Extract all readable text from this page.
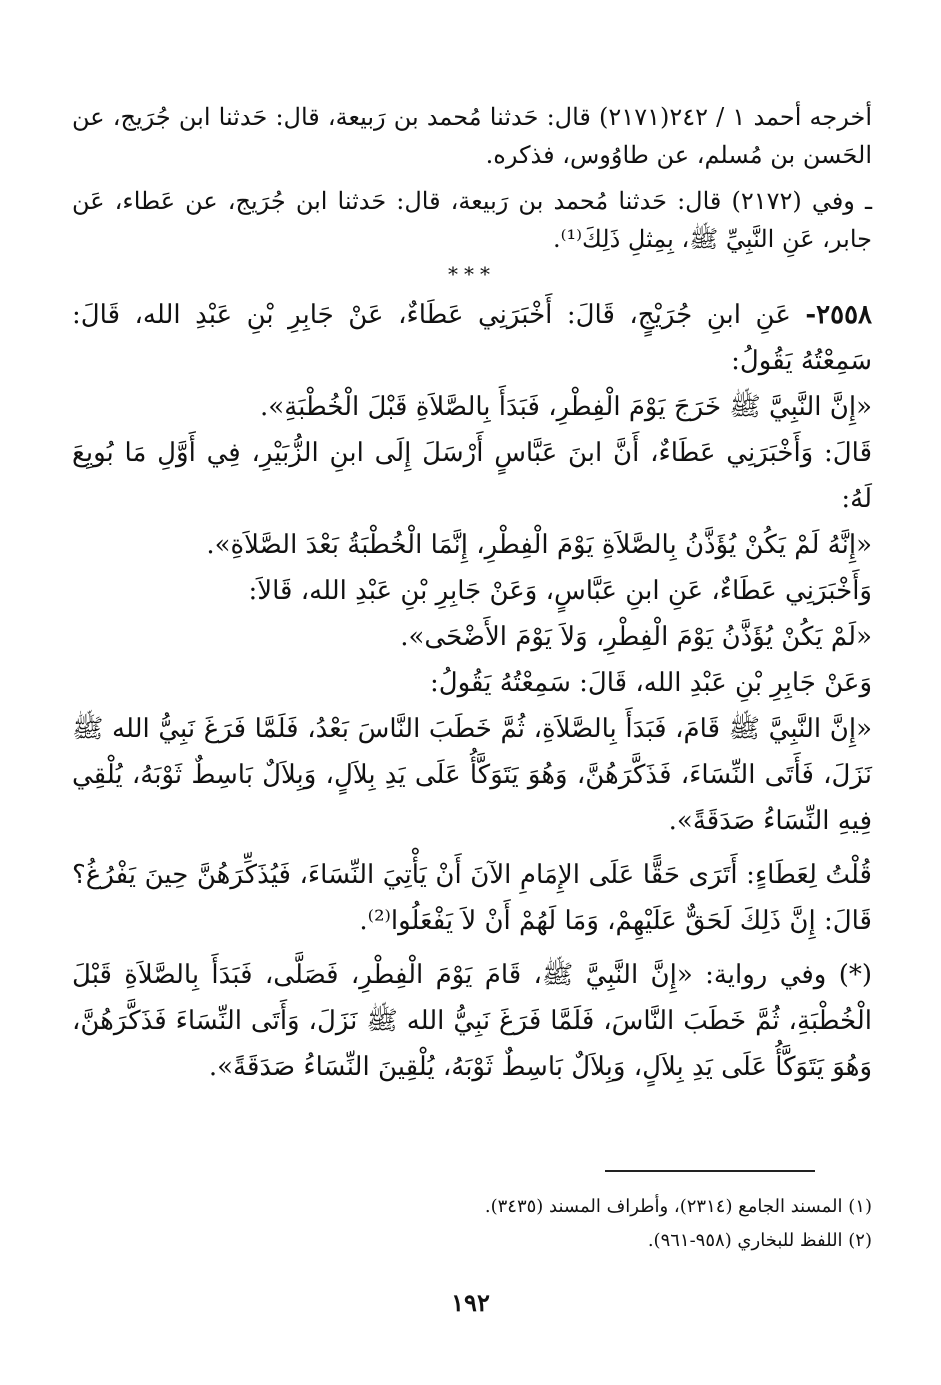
أخرجه أحمد ١ / ٢٤٢(٢١٧١) قال: حَدثنا مُحمد بن رَبيعة، قال: حَدثنا ابن جُرَيج، عن الحَسن بن مُسلم، عن طاوُوس، فذكره.

ـ وفي (٢١٧٢) قال: حَدثنا مُحمد بن رَبيعة، قال: حَدثنا ابن جُرَيج، عن عَطاء، عَن جابر، عَنِ النَّبِيِّ ﷺ، بِمِثلِ ذَلِكَ⁽¹⁾.

***

٢٥٥٨- عَنِ ابنِ جُرَيْجٍ، قَالَ: أَخْبَرَنِي عَطَاءٌ، عَنْ جَابِرِ بْنِ عَبْدِ الله، قَالَ: سَمِعْتُهُ يَقُولُ:

«إِنَّ النَّبِيَّ ﷺ خَرَجَ يَوْمَ الْفِطْرِ، فَبَدَأَ بِالصَّلاَةِ قَبْلَ الْخُطْبَةِ».

قَالَ: وَأَخْبَرَنِي عَطَاءٌ، أَنَّ ابنَ عَبَّاسٍ أَرْسَلَ إِلَى ابنِ الزُّبَيْرِ، فِي أَوَّلِ مَا بُويِعَ لَهُ:

«إِنَّهُ لَمْ يَكُنْ يُؤَذَّنُ بِالصَّلاَةِ يَوْمَ الْفِطْرِ، إِنَّمَا الْخُطْبَةُ بَعْدَ الصَّلاَةِ».

وَأَخْبَرَنِي عَطَاءٌ، عَنِ ابنِ عَبَّاسٍ، وَعَنْ جَابِرِ بْنِ عَبْدِ الله، قَالاَ:

«لَمْ يَكُنْ يُؤَذَّنُ يَوْمَ الْفِطْرِ، وَلاَ يَوْمَ الأَضْحَى».

وَعَنْ جَابِرِ بْنِ عَبْدِ الله، قَالَ: سَمِعْتُهُ يَقُولُ:

«إِنَّ النَّبِيَّ ﷺ قَامَ، فَبَدَأَ بِالصَّلاَةِ، ثُمَّ خَطَبَ النَّاسَ بَعْدُ، فَلَمَّا فَرَغَ نَبِيُّ الله ﷺ نَزَلَ، فَأَتَى النِّسَاءَ، فَذَكَّرَهُنَّ، وَهُوَ يَتَوَكَّأُ عَلَى يَدِ بِلاَلٍ، وَبِلاَلٌ بَاسِطٌ ثَوْبَهُ، يُلْقِي فِيهِ النِّسَاءُ صَدَقَةً».

قُلْتُ لِعَطَاءٍ: أَتَرَى حَقًّا عَلَى الإِمَامِ الآنَ أَنْ يَأْتِيَ النِّسَاءَ، فَيُذَكِّرَهُنَّ حِينَ يَفْرُغُ؟ قَالَ: إِنَّ ذَلِكَ لَحَقٌّ عَلَيْهِمْ، وَمَا لَهُمْ أَنْ لاَ يَفْعَلُوا⁽²⁾.

(*) وفي رواية: «إِنَّ النَّبِيَّ ﷺ، قَامَ يَوْمَ الْفِطْرِ، فَصَلَّى، فَبَدَأَ بِالصَّلاَةِ قَبْلَ الْخُطْبَةِ، ثُمَّ خَطَبَ النَّاسَ، فَلَمَّا فَرَغَ نَبِيُّ الله ﷺ نَزَلَ، وَأَتَى النِّسَاءَ فَذَكَّرَهُنَّ، وَهُوَ يَتَوَكَّأُ عَلَى يَدِ بِلاَلٍ، وَبِلاَلٌ بَاسِطٌ ثَوْبَهُ، يُلْقِينَ النِّسَاءُ صَدَقَةً».

(١) المسند الجامع (٢٣١٤)، وأطراف المسند (٣٤٣٥).

(٢) اللفظ للبخاري (٩٥٨-٩٦١).

١٩٢
